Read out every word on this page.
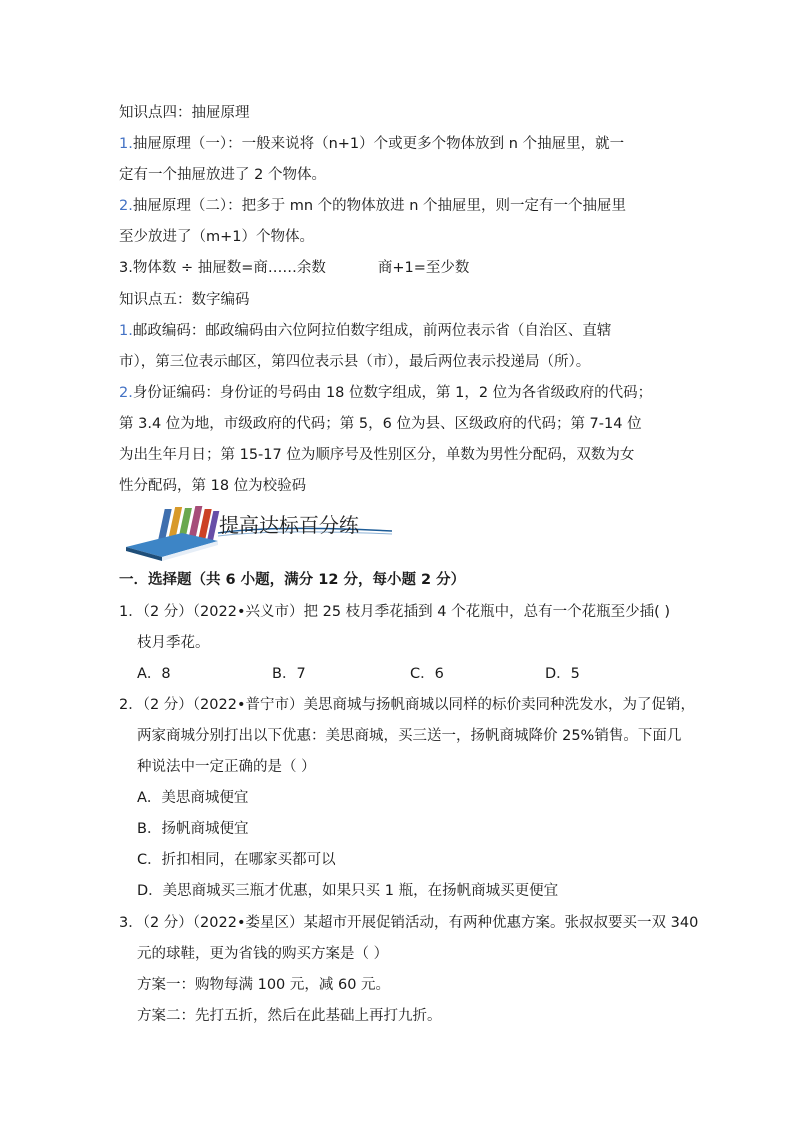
知识点四：抽屉原理
1.抽屉原理（一）：一般来说将（n+1）个或更多个物体放到 n 个抽屉里，就一
定有一个抽屉放进了 2 个物体。
2.抽屉原理（二）：把多于 mn 个的物体放进 n 个抽屉里，则一定有一个抽屉里
至少放进了（m+1）个物体。
3.物体数 ÷ 抽屉数=商……余数	商+1=至少数
知识点五：数字编码
1.邮政编码：邮政编码由六位阿拉伯数字组成，前两位表示省（自治区、直辖
市），第三位表示邮区，第四位表示县（市），最后两位表示投递局（所）。
2.身份证编码：身份证的号码由 18 位数字组成，第 1，2 位为各省级政府的代码；
第 3.4 位为地，市级政府的代码；第 5，6 位为县、区级政府的代码；第 7-14 位
为出生年月日；第 15-17 位为顺序号及性别区分，单数为男性分配码，双数为女
性分配码，第 18 位为校验码
提高达标百分练
一．选择题（共 6 小题，满分 12 分，每小题 2 分）
1．（2 分）（2022•兴义市）把 25 枝月季花插到 4 个花瓶中，总有一个花瓶至少插( )
枝月季花。
A．8	B．7	C．6	D．5
2．（2 分）（2022•普宁市）美思商城与扬帆商城以同样的标价卖同种洗发水，为了促销，
两家商城分别打出以下优惠：美思商城，买三送一，扬帆商城降价 25%销售。下面几
种说法中一定正确的是（ ）
A．美思商城便宜
B．扬帆商城便宜
C．折扣相同，在哪家买都可以
D．美思商城买三瓶才优惠，如果只买 1 瓶，在扬帆商城买更便宜
3．（2 分）（2022•娄星区）某超市开展促销活动，有两种优惠方案。张叔叔要买一双 340
元的球鞋，更为省钱的购买方案是（ ）
方案一：购物每满 100 元，减 60 元。
方案二：先打五折，然后在此基础上再打九折。
